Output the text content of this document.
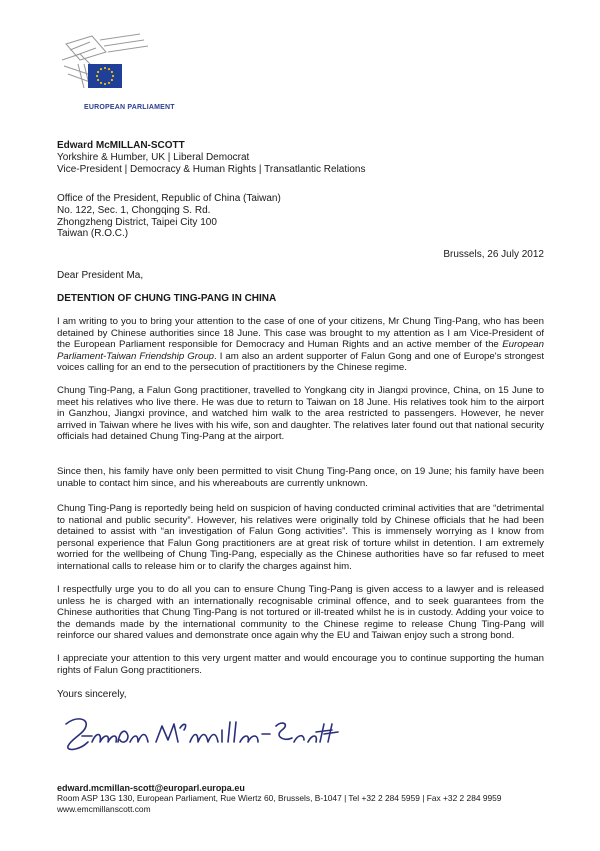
EUROPEAN PARLIAMENT
Edward McMILLAN-SCOTT
Yorkshire & Humber, UK | Liberal Democrat
Vice-President | Democracy & Human Rights | Transatlantic Relations
Office of the President, Republic of China (Taiwan)
No. 122, Sec. 1, Chongqing S. Rd.
Zhongzheng District, Taipei City 100
Taiwan (R.O.C.)
Brussels, 26 July 2012
Dear President Ma,
DETENTION OF CHUNG TING-PANG IN CHINA
I am writing to you to bring your attention to the case of one of your citizens, Mr Chung Ting-Pang, who has been detained by Chinese authorities since 18 June. This case was brought to my attention as I am Vice-President of the European Parliament responsible for Democracy and Human Rights and an active member of the European Parliament-Taiwan Friendship Group. I am also an ardent supporter of Falun Gong and one of Europe's strongest voices calling for an end to the persecution of practitioners by the Chinese regime.
Chung Ting-Pang, a Falun Gong practitioner, travelled to Yongkang city in Jiangxi province, China, on 15 June to meet his relatives who live there. He was due to return to Taiwan on 18 June. His relatives took him to the airport in Ganzhou, Jiangxi province, and watched him walk to the area restricted to passengers. However, he never arrived in Taiwan where he lives with his wife, son and daughter. The relatives later found out that national security officials had detained Chung Ting-Pang at the airport.
Since then, his family have only been permitted to visit Chung Ting-Pang once, on 19 June; his family have been unable to contact him since, and his whereabouts are currently unknown.
Chung Ting-Pang is reportedly being held on suspicion of having conducted criminal activities that are “detrimental to national and public security”. However, his relatives were originally told by Chinese officials that he had been detained to assist with “an investigation of Falun Gong activities”. This is immensely worrying as I know from personal experience that Falun Gong practitioners are at great risk of torture whilst in detention. I am extremely worried for the wellbeing of Chung Ting-Pang, especially as the Chinese authorities have so far refused to meet international calls to release him or to clarify the charges against him.
I respectfully urge you to do all you can to ensure Chung Ting-Pang is given access to a lawyer and is released unless he is charged with an internationally recognisable criminal offence, and to seek guarantees from the Chinese authorities that Chung Ting-Pang is not tortured or ill-treated whilst he is in custody. Adding your voice to the demands made by the international community to the Chinese regime to release Chung Ting-Pang will reinforce our shared values and demonstrate once again why the EU and Taiwan enjoy such a strong bond.
I appreciate your attention to this very urgent matter and would encourage you to continue supporting the human rights of Falun Gong practitioners.
Yours sincerely,
edward.mcmillan-scott@europarl.europa.eu
Room ASP 13G 130, European Parliament, Rue Wiertz 60, Brussels, B-1047 | Tel +32 2 284 5959 | Fax +32 2 284 9959
www.emcmillanscott.com
